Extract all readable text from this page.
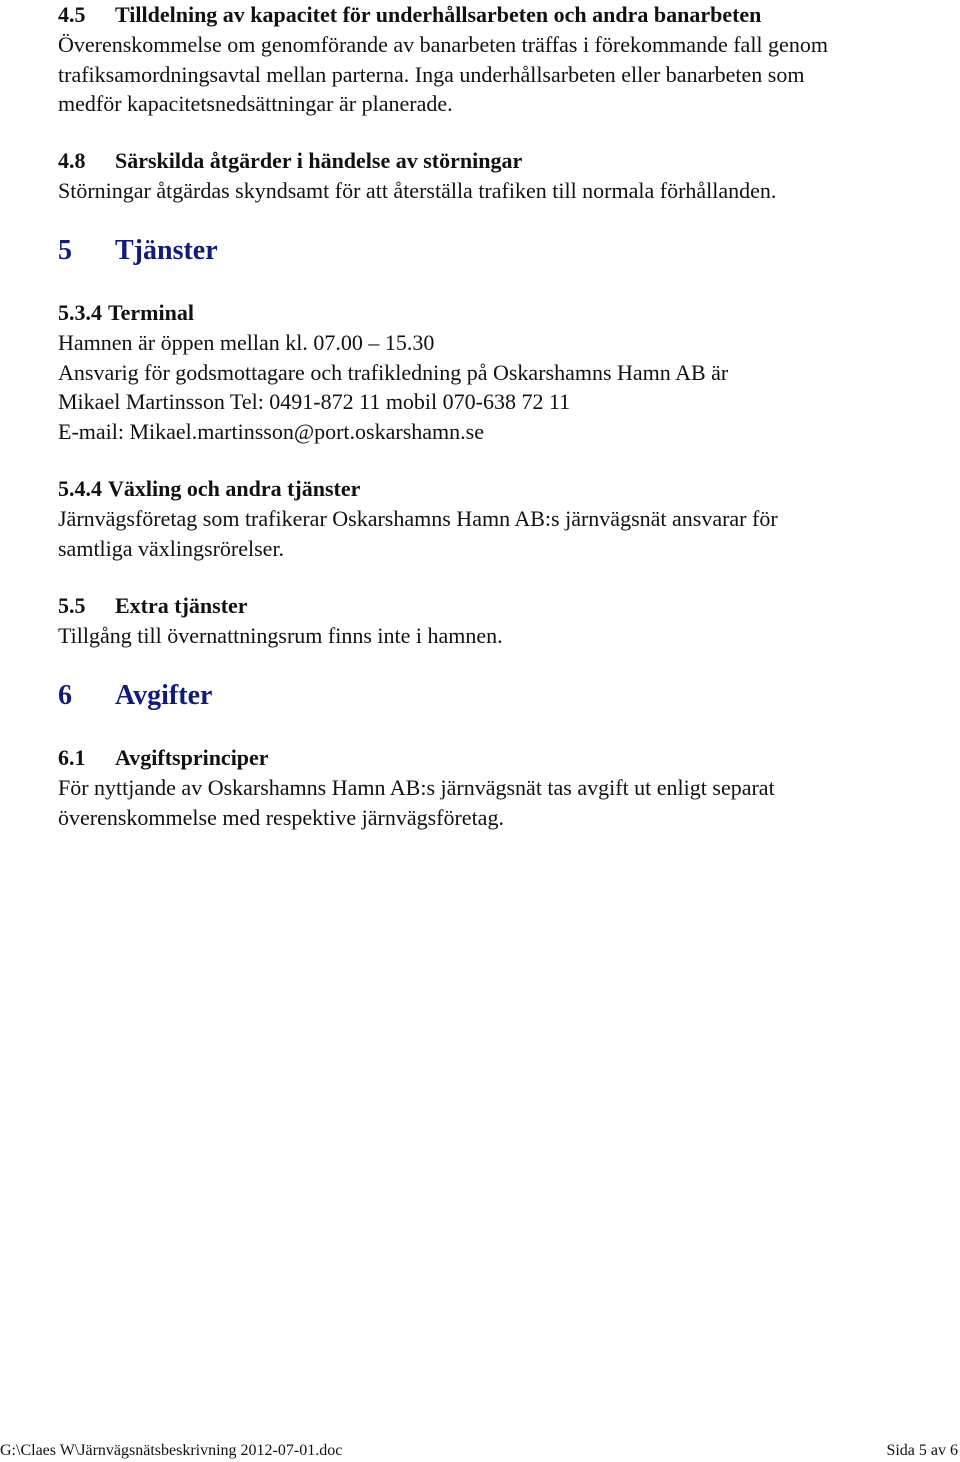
4.5 Tilldelning av kapacitet för underhållsarbeten och andra banarbeten
Överenskommelse om genomförande av banarbeten träffas i förekommande fall genom
trafiksamordningsavtal mellan parterna. Inga underhållsarbeten eller banarbeten som
medför kapacitetsnedsättningar är planerade.
4.8 Särskilda åtgärder i händelse av störningar
Störningar åtgärdas skyndsamt för att återställa trafiken till normala förhållanden.
5 Tjänster
5.3.4 Terminal
Hamnen är öppen mellan kl. 07.00 – 15.30
Ansvarig för godsmottagare och trafikledning på Oskarshamns Hamn AB är
Mikael Martinsson Tel: 0491-872 11 mobil 070-638 72 11
E-mail: Mikael.martinsson@port.oskarshamn.se
5.4.4 Växling och andra tjänster
Järnvägsföretag som trafikerar Oskarshamns Hamn AB:s järnvägsnät ansvarar för
samtliga växlingsrörelser.
5.5 Extra tjänster
Tillgång till övernattningsrum finns inte i hamnen.
6 Avgifter
6.1 Avgiftsprinciper
För nyttjande av Oskarshamns Hamn AB:s järnvägsnät tas avgift ut enligt separat
överenskommelse med respektive järnvägsföretag.
G:\Claes W\Järnvägsnätsbeskrivning 2012-07-01.doc	Sida 5 av 6
